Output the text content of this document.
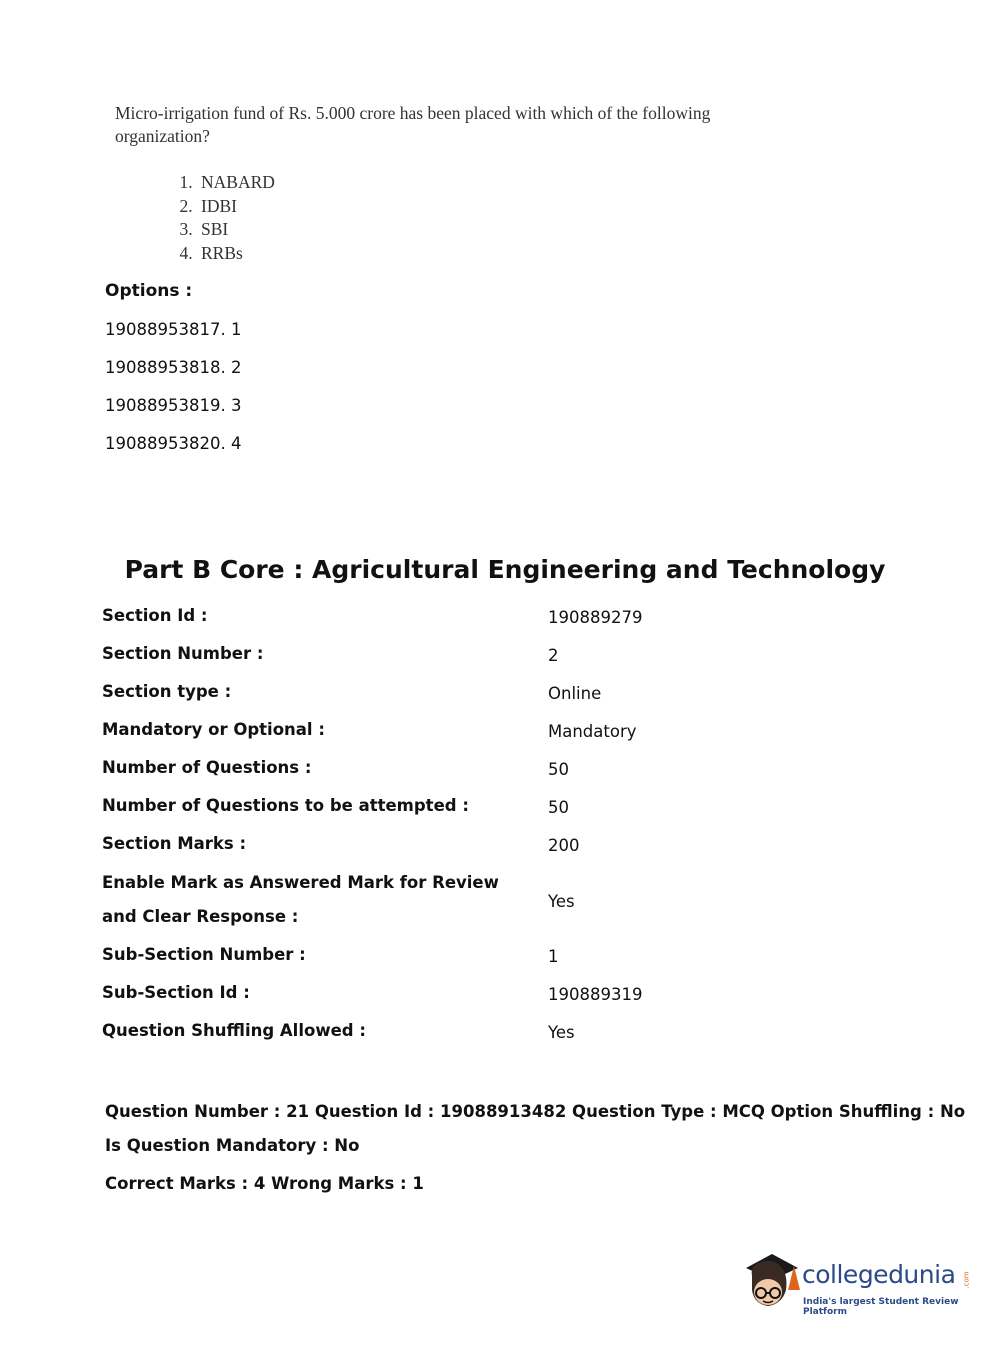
Micro-irrigation fund of Rs. 5.000 crore has been placed with which of the following organization?

1. NABARD
2. IDBI
3. SBI
4. RRBs
Options :
19088953817. 1
19088953818. 2
19088953819. 3
19088953820. 4
Part B Core : Agricultural Engineering and Technology
Section Id :	190889279
Section Number :	2
Section type :	Online
Mandatory or Optional :	Mandatory
Number of Questions :	50
Number of Questions to be attempted :	50
Section Marks :	200
Enable Mark as Answered Mark for Review and Clear Response :
Yes
Sub-Section Number :	1
Sub-Section Id :	190889319
Question Shuffling Allowed :	Yes
Question Number : 21 Question Id : 19088913482 Question Type : MCQ Option Shuffling : No
Is Question Mandatory : No
Correct Marks : 4 Wrong Marks : 1
collegedunia .com
India's largest Student Review Platform
